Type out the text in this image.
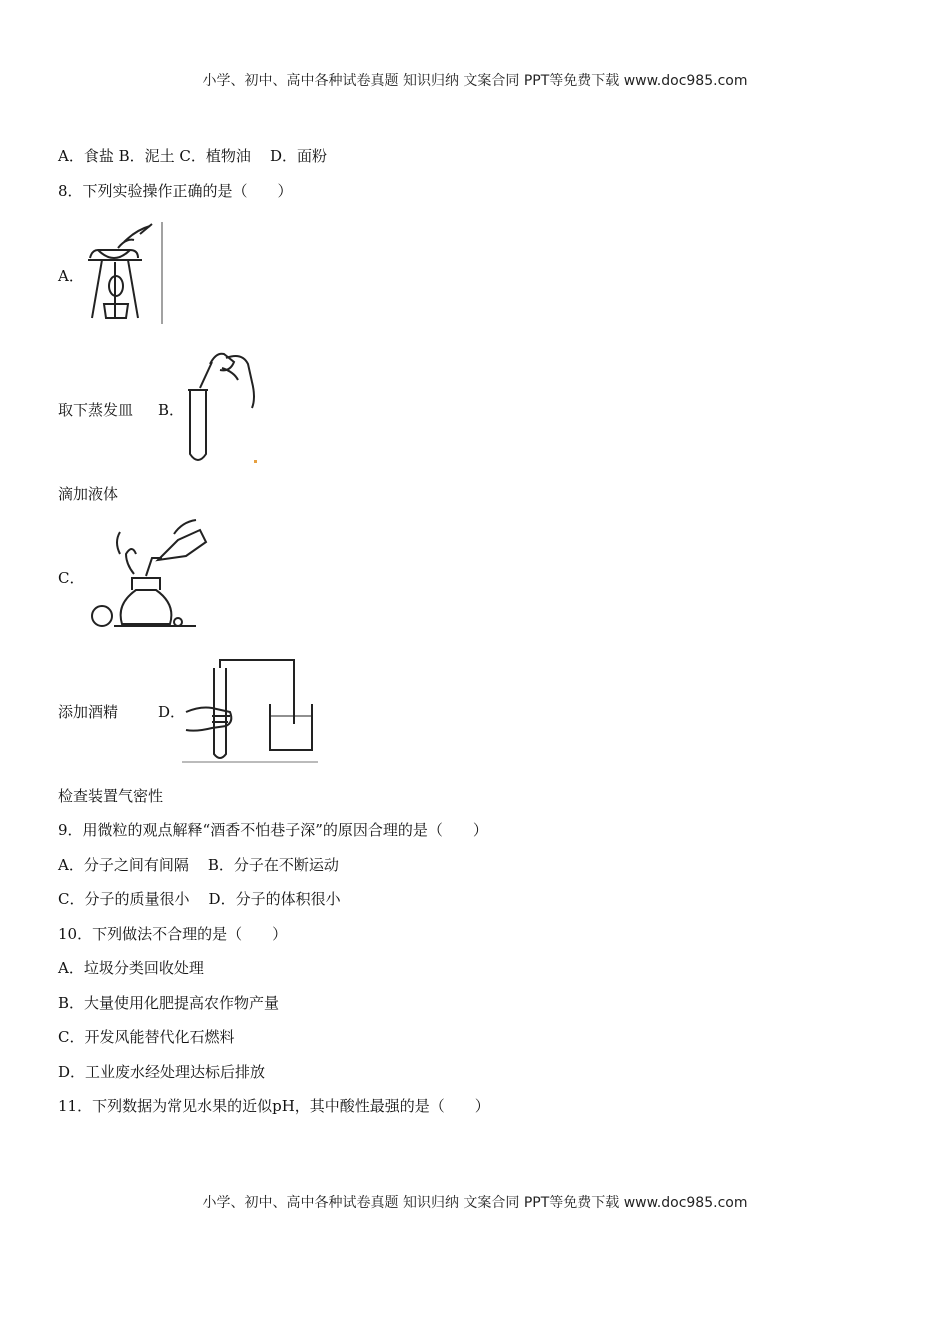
小学、初中、高中各种试卷真题 知识归纳 文案合同 PPT等免费下载 www.doc985.com
A．食盐 B．泥土 C．植物油    D．面粉
8．下列实验操作正确的是（　　）
A．
取下蒸发皿 B．
滴加液体
C．
添加酒精	D．
检查装置气密性
9．用微粒的观点解释“酒香不怕巷子深”的原因合理的是（　　）
A．分子之间有间隔    B．分子在不断运动
C．分子的质量很小    D．分子的体积很小
10．下列做法不合理的是（　　）
A．垃圾分类回收处理
B．大量使用化肥提高农作物产量
C．开发风能替代化石燃料
D．工业废水经处理达标后排放
11．下列数据为常见水果的近似pH，其中酸性最强的是（　　）
小学、初中、高中各种试卷真题 知识归纳 文案合同 PPT等免费下载 www.doc985.com
